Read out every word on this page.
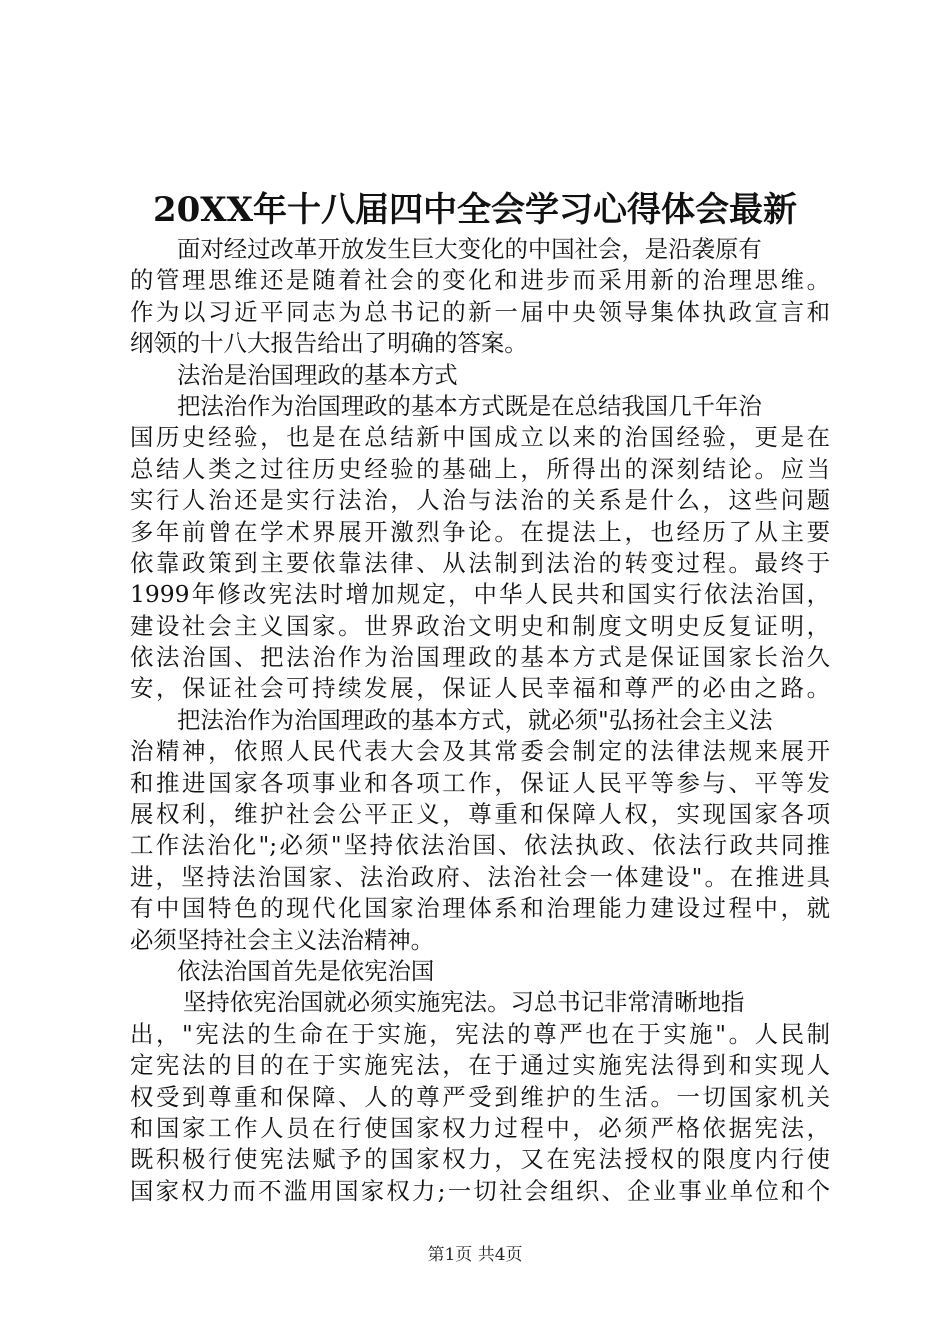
20XX年十八届四中全会学习心得体会最新
面对经过改革开放发生巨大变化的中国社会，是沿袭原有
的管理思维还是随着社会的变化和进步而采用新的治理思维。
作为以习近平同志为总书记的新一届中央领导集体执政宣言和
纲领的十八大报告给出了明确的答案。
法治是治国理政的基本方式
把法治作为治国理政的基本方式既是在总结我国几千年治
国历史经验，也是在总结新中国成立以来的治国经验，更是在
总结人类之过往历史经验的基础上，所得出的深刻结论。应当
实行人治还是实行法治，人治与法治的关系是什么，这些问题
多年前曾在学术界展开激烈争论。在提法上，也经历了从主要
依靠政策到主要依靠法律、从法制到法治的转变过程。最终于
1999年修改宪法时增加规定，中华人民共和国实行依法治国，
建设社会主义国家。世界政治文明史和制度文明史反复证明，
依法治国、把法治作为治国理政的基本方式是保证国家长治久
安，保证社会可持续发展，保证人民幸福和尊严的必由之路。
把法治作为治国理政的基本方式，就必须"弘扬社会主义法
治精神，依照人民代表大会及其常委会制定的法律法规来展开
和推进国家各项事业和各项工作，保证人民平等参与、平等发
展权利，维护社会公平正义，尊重和保障人权，实现国家各项
工作法治化";必须"坚持依法治国、依法执政、依法行政共同推
进，坚持法治国家、法治政府、法治社会一体建设"。在推进具
有中国特色的现代化国家治理体系和治理能力建设过程中，就
必须坚持社会主义法治精神。
依法治国首先是依宪治国
坚持依宪治国就必须实施宪法。习总书记非常清晰地指
出，"宪法的生命在于实施，宪法的尊严也在于实施"。人民制
定宪法的目的在于实施宪法，在于通过实施宪法得到和实现人
权受到尊重和保障、人的尊严受到维护的生活。一切国家机关
和国家工作人员在行使国家权力过程中，必须严格依据宪法，
既积极行使宪法赋予的国家权力，又在宪法授权的限度内行使
国家权力而不滥用国家权力;一切社会组织、企业事业单位和个
第1页 共4页
